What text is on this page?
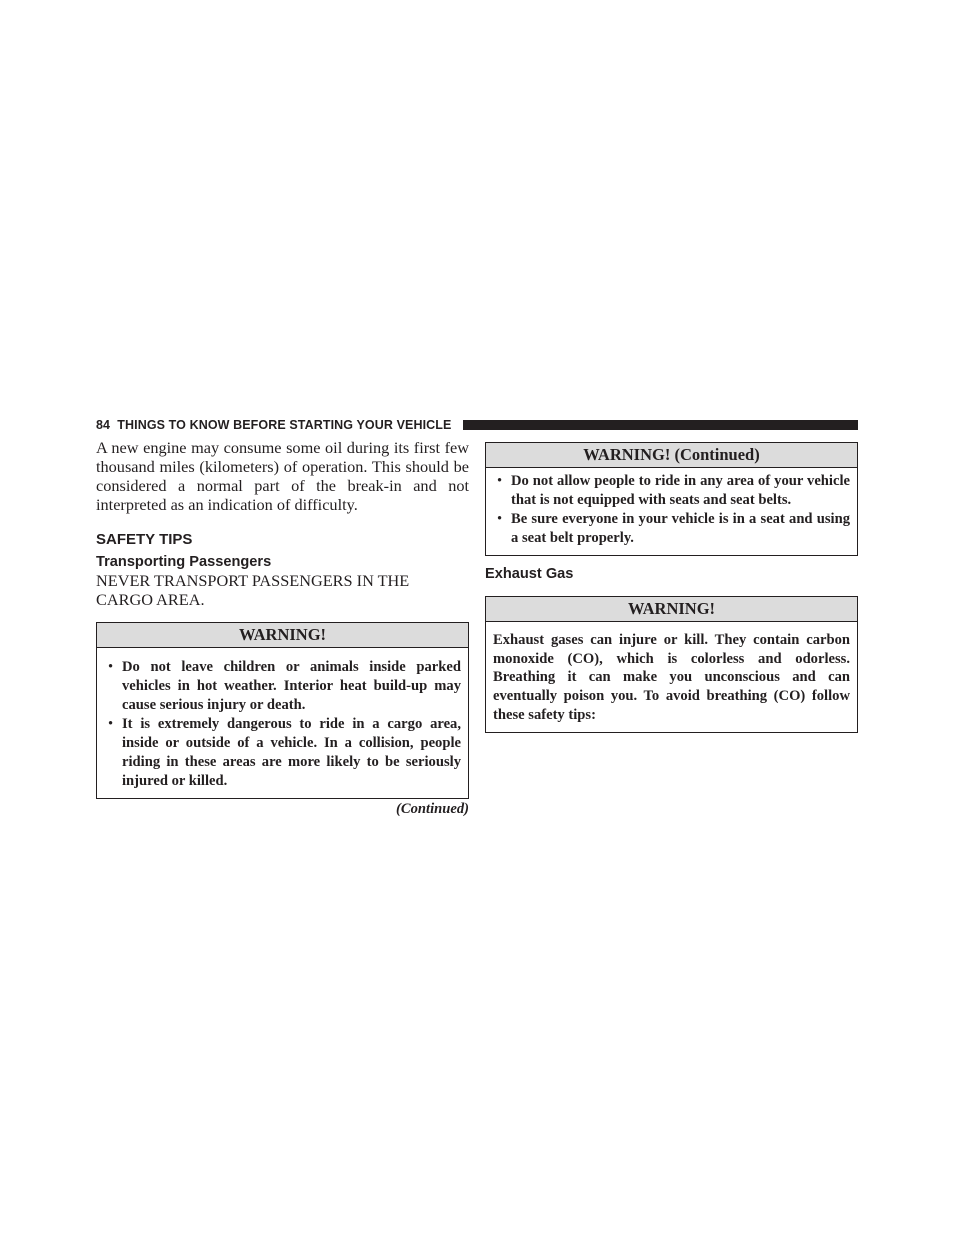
84 THINGS TO KNOW BEFORE STARTING YOUR VEHICLE

A new engine may consume some oil during its first few thousand miles (kilometers) of operation. This should be considered a normal part of the break-in and not interpreted as an indication of difficulty.

SAFETY TIPS
Transporting Passengers

NEVER TRANSPORT PASSENGERS IN THE CARGO AREA.

WARNING!
• Do not leave children or animals inside parked vehicles in hot weather. Interior heat build-up may cause serious injury or death.
• It is extremely dangerous to ride in a cargo area, inside or outside of a vehicle. In a collision, people riding in these areas are more likely to be seriously injured or killed.
(Continued)
WARNING! (Continued)
• Do not allow people to ride in any area of your vehicle that is not equipped with seats and seat belts.
• Be sure everyone in your vehicle is in a seat and using a seat belt properly.
Exhaust Gas
WARNING!

Exhaust gases can injure or kill. They contain carbon monoxide (CO), which is colorless and odorless. Breathing it can make you unconscious and can eventually poison you. To avoid breathing (CO) follow these safety tips:
